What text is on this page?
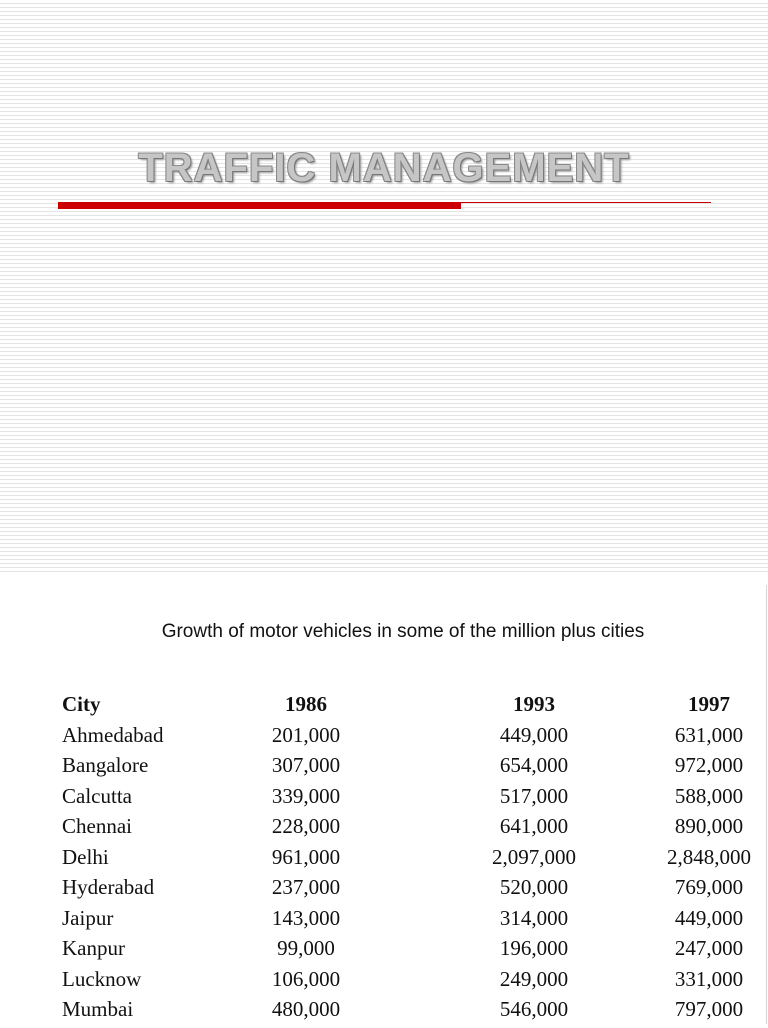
TRAFFIC MANAGEMENT
Growth of motor vehicles in some of the million plus cities
City	1986	1993	1997
Ahmedabad	201,000	449,000	631,000
Bangalore	307,000	654,000	972,000
Calcutta	339,000	517,000	588,000
Chennai	228,000	641,000	890,000
Delhi	961,000	2,097,000	2,848,000
Hyderabad	237,000	520,000	769,000
Jaipur	143,000	314,000	449,000
Kanpur	99,000	196,000	247,000
Lucknow	106,000	249,000	331,000
Mumbai	480,000	546,000	797,000
